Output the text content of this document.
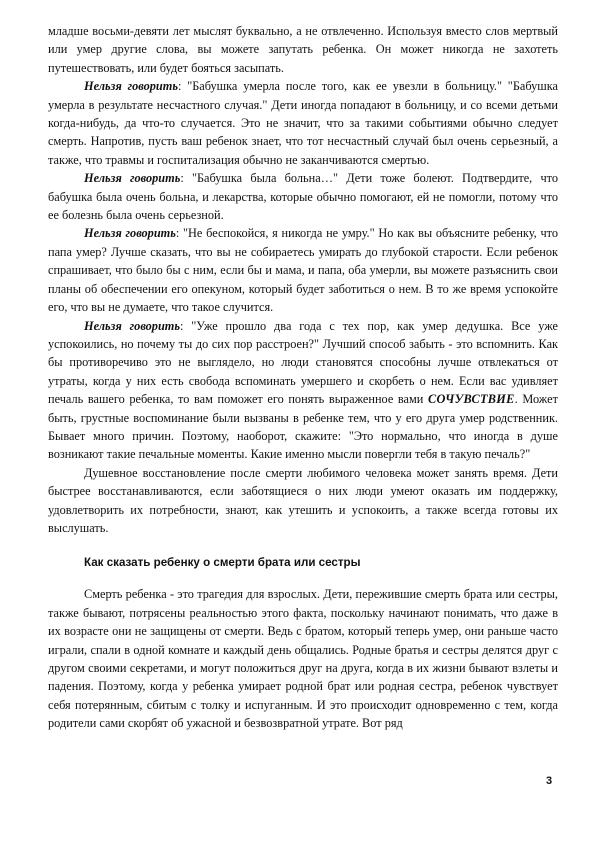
младше восьми-девяти лет мыслят буквально, а не отвлеченно. Используя вместо слов мертвый или умер другие слова, вы можете запутать ребенка. Он может никогда не захотеть путешествовать, или будет бояться засыпать.

Нельзя говорить: "Бабушка умерла после того, как ее увезли в больницу." "Бабушка умерла в результате несчастного случая." Дети иногда попадают в больницу, и со всеми детьми когда-нибудь, да что-то случается. Это не значит, что за такими событиями обычно следует смерть. Напротив, пусть ваш ребенок знает, что тот несчастный случай был очень серьезный, а также, что травмы и госпитализация обычно не заканчиваются смертью.

Нельзя говорить: "Бабушка была больна…" Дети тоже болеют. Подтвердите, что бабушка была очень больна, и лекарства, которые обычно помогают, ей не помогли, потому что ее болезнь была очень серьезной.

Нельзя говорить: "Не беспокойся, я никогда не умру." Но как вы объясните ребенку, что папа умер? Лучше сказать, что вы не собираетесь умирать до глубокой старости. Если ребенок спрашивает, что было бы с ним, если бы и мама, и папа, оба умерли, вы можете разъяснить свои планы об обеспечении его опекуном, который будет заботиться о нем. В то же время успокойте его, что вы не думаете, что такое случится.

Нельзя говорить: "Уже прошло два года с тех пор, как умер дедушка. Все уже успокоились, но почему ты до сих пор расстроен?" Лучший способ забыть - это вспомнить. Как бы противоречиво это не выглядело, но люди становятся способны лучше отвлекаться от утраты, когда у них есть свобода вспоминать умершего и скорбеть о нем. Если вас удивляет печаль вашего ребенка, то вам поможет его понять выраженное вами СОЧУВСТВИЕ. Может быть, грустные воспоминание были вызваны в ребенке тем, что у его друга умер родственник. Бывает много причин. Поэтому, наоборот, скажите: "Это нормально, что иногда в душе возникают такие печальные моменты. Какие именно мысли повергли тебя в такую печаль?"

Душевное восстановление после смерти любимого человека может занять время. Дети быстрее восстанавливаются, если заботящиеся о них люди умеют оказать им поддержку, удовлетворить их потребности, знают, как утешить и успокоить, а также всегда готовы их выслушать.

Как сказать ребенку о смерти брата или сестры

Смерть ребенка - это трагедия для взрослых. Дети, пережившие смерть брата или сестры, также бывают, потрясены реальностью этого факта, поскольку начинают понимать, что даже в их возрасте они не защищены от смерти. Ведь с братом, который теперь умер, они раньше часто играли, спали в одной комнате и каждый день общались. Родные братья и сестры делятся друг с другом своими секретами, и могут положиться друг на друга, когда в их жизни бывают взлеты и падения. Поэтому, когда у ребенка умирает родной брат или родная сестра, ребенок чувствует себя потерянным, сбитым с толку и испуганным. И это происходит одновременно с тем, когда родители сами скорбят об ужасной и безвозвратной утрате. Вот ряд

3
